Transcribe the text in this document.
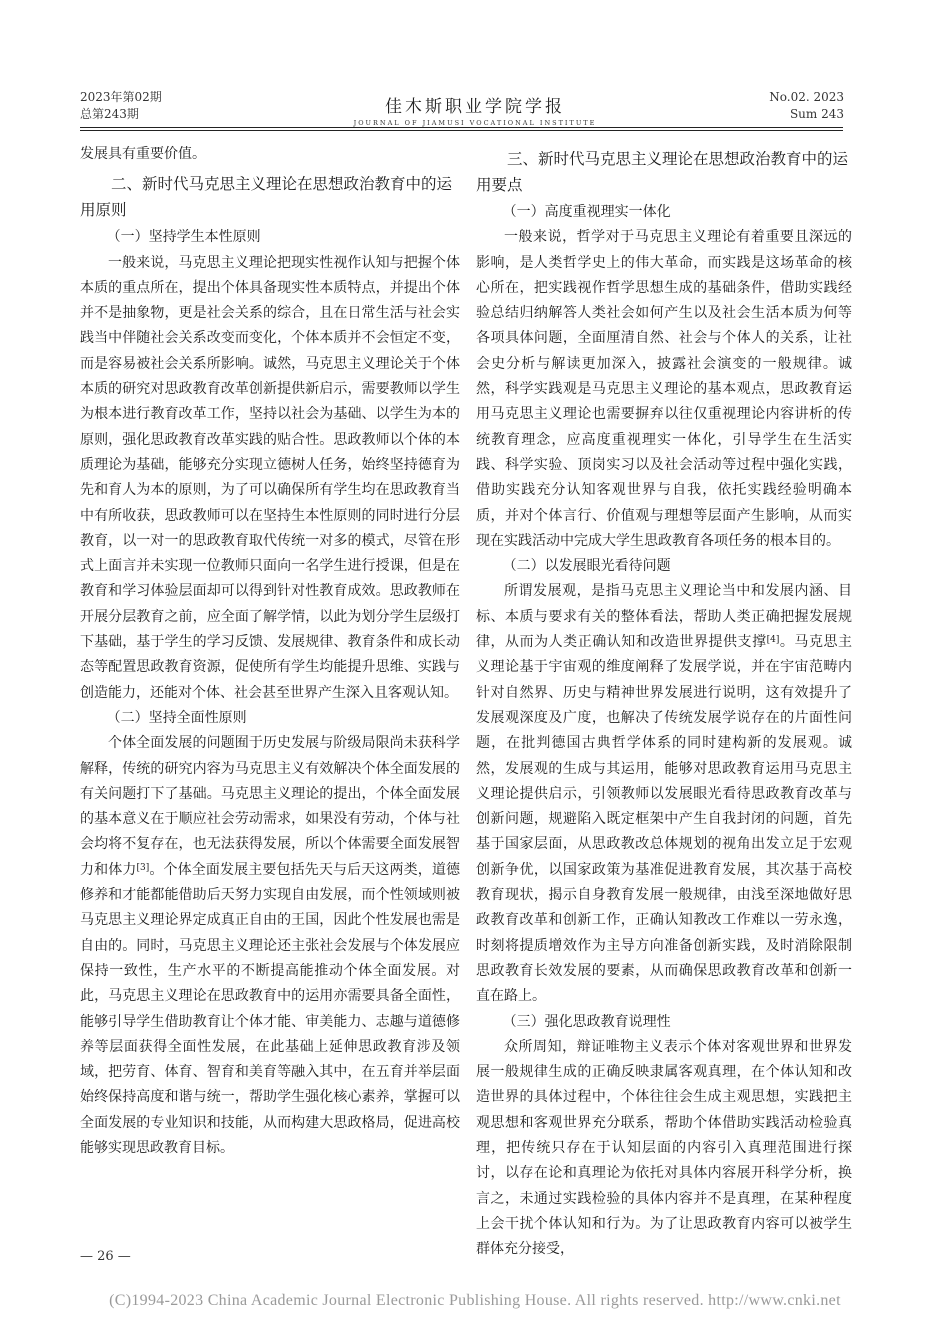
2023年第02期
总第243期	佳木斯职业学院学报
JOURNAL OF JIAMUSI VOCATIONAL INSTITUTE
No.02. 2023
Sum 243

发展具有重要价值。

二、新时代马克思主义理论在思想政治教育中的运用原则
（一）坚持学生本性原则

一般来说，马克思主义理论把现实性视作认知与把握个体本质的重点所在，提出个体具备现实性本质特点，并提出个体并不是抽象物，更是社会关系的综合，且在日常生活与社会实践当中伴随社会关系改变而变化，个体本质并不会恒定不变，而是容易被社会关系所影响。诚然，马克思主义理论关于个体本质的研究对思政教育改革创新提供新启示，需要教师以学生为根本进行教育改革工作，坚持以社会为基础、以学生为本的原则，强化思政教育改革实践的贴合性。思政教师以个体的本质理论为基础，能够充分实现立德树人任务，始终坚持德育为先和育人为本的原则，为了可以确保所有学生均在思政教育当中有所收获，思政教师可以在坚持生本性原则的同时进行分层教育，以一对一的思政教育取代传统一对多的模式，尽管在形式上面言并未实现一位教师只面向一名学生进行授课，但是在教育和学习体验层面却可以得到针对性教育成效。思政教师在开展分层教育之前，应全面了解学情，以此为划分学生层级打下基础，基于学生的学习反馈、发展规律、教育条件和成长动态等配置思政教育资源，促使所有学生均能提升思维、实践与创造能力，还能对个体、社会甚至世界产生深入且客观认知。

（二）坚持全面性原则

个体全面发展的问题囿于历史发展与阶级局限尚未获科学解释，传统的研究内容为马克思主义有效解决个体全面发展的有关问题打下了基础。马克思主义理论的提出，个体全面发展的基本意义在于顺应社会劳动需求，如果没有劳动，个体与社会均将不复存在，也无法获得发展，所以个体需要全面发展智力和体力[3]。个体全面发展主要包括先天与后天这两类，道德修养和才能都能借助后天努力实现自由发展，而个性领域则被马克思主义理论界定成真正自由的王国，因此个性发展也需是自由的。同时，马克思主义理论还主张社会发展与个体发展应保持一致性，生产水平的不断提高能推动个体全面发展。对此，马克思主义理论在思政教育中的运用亦需要具备全面性，能够引导学生借助教育让个体才能、审美能力、志趣与道德修养等层面获得全面性发展，在此基础上延伸思政教育涉及领域，把劳育、体育、智育和美育等融入其中，在五育并举层面始终保持高度和谐与统一，帮助学生强化核心素养，掌握可以全面发展的专业知识和技能，从而构建大思政格局，促进高校能够实现思政教育目标。

三、新时代马克思主义理论在思想政治教育中的运用要点
（一）高度重视理实一体化

一般来说，哲学对于马克思主义理论有着重要且深远的影响，是人类哲学史上的伟大革命，而实践是这场革命的核心所在，把实践视作哲学思想生成的基础条件，借助实践经验总结归纳解答人类社会如何产生以及社会生活本质为何等各项具体问题，全面厘清自然、社会与个体人的关系，让社会史分析与解读更加深入，披露社会演变的一般规律。诚然，科学实践观是马克思主义理论的基本观点，思政教育运用马克思主义理论也需要摒弃以往仅重视理论内容讲析的传统教育理念，应高度重视理实一体化，引导学生在生活实践、科学实验、顶岗实习以及社会活动等过程中强化实践，借助实践充分认知客观世界与自我，依托实践经验明确本质，并对个体言行、价值观与理想等层面产生影响，从而实现在实践活动中完成大学生思政教育各项任务的根本目的。

（二）以发展眼光看待问题

所谓发展观，是指马克思主义理论当中和发展内涵、目标、本质与要求有关的整体看法，帮助人类正确把握发展规律，从而为人类正确认知和改造世界提供支撑[4]。马克思主义理论基于宇宙观的维度阐释了发展学说，并在宇宙范畴内针对自然界、历史与精神世界发展进行说明，这有效提升了发展观深度及广度，也解决了传统发展学说存在的片面性问题，在批判德国古典哲学体系的同时建构新的发展观。诚然，发展观的生成与其运用，能够对思政教育运用马克思主义理论提供启示，引领教师以发展眼光看待思政教育改革与创新问题，规避陷入既定框架中产生自我封闭的问题，首先基于国家层面，从思政教改总体规划的视角出发立足于宏观创新争优，以国家政策为基准促进教育发展，其次基于高校教育现状，揭示自身教育发展一般规律，由浅至深地做好思政教育改革和创新工作，正确认知教改工作难以一劳永逸，时刻将提质增效作为主导方向准备创新实践，及时消除限制思政教育长效发展的要素，从而确保思政教育改革和创新一直在路上。

（三）强化思政教育说理性

众所周知，辩证唯物主义表示个体对客观世界和世界发展一般规律生成的正确反映隶属客观真理，在个体认知和改造世界的具体过程中，个体往往会生成主观思想，实践把主观思想和客观世界充分联系，帮助个体借助实践活动检验真理，把传统只存在于认知层面的内容引入真理范围进行探讨，以存在论和真理论为依托对具体内容展开科学分析，换言之，未通过实践检验的具体内容并不是真理，在某种程度上会干扰个体认知和行为。为了让思政教育内容可以被学生群体充分接受，

— 26 —
(C)1994-2023 China Academic Journal Electronic Publishing House. All rights reserved. http://www.cnki.net
